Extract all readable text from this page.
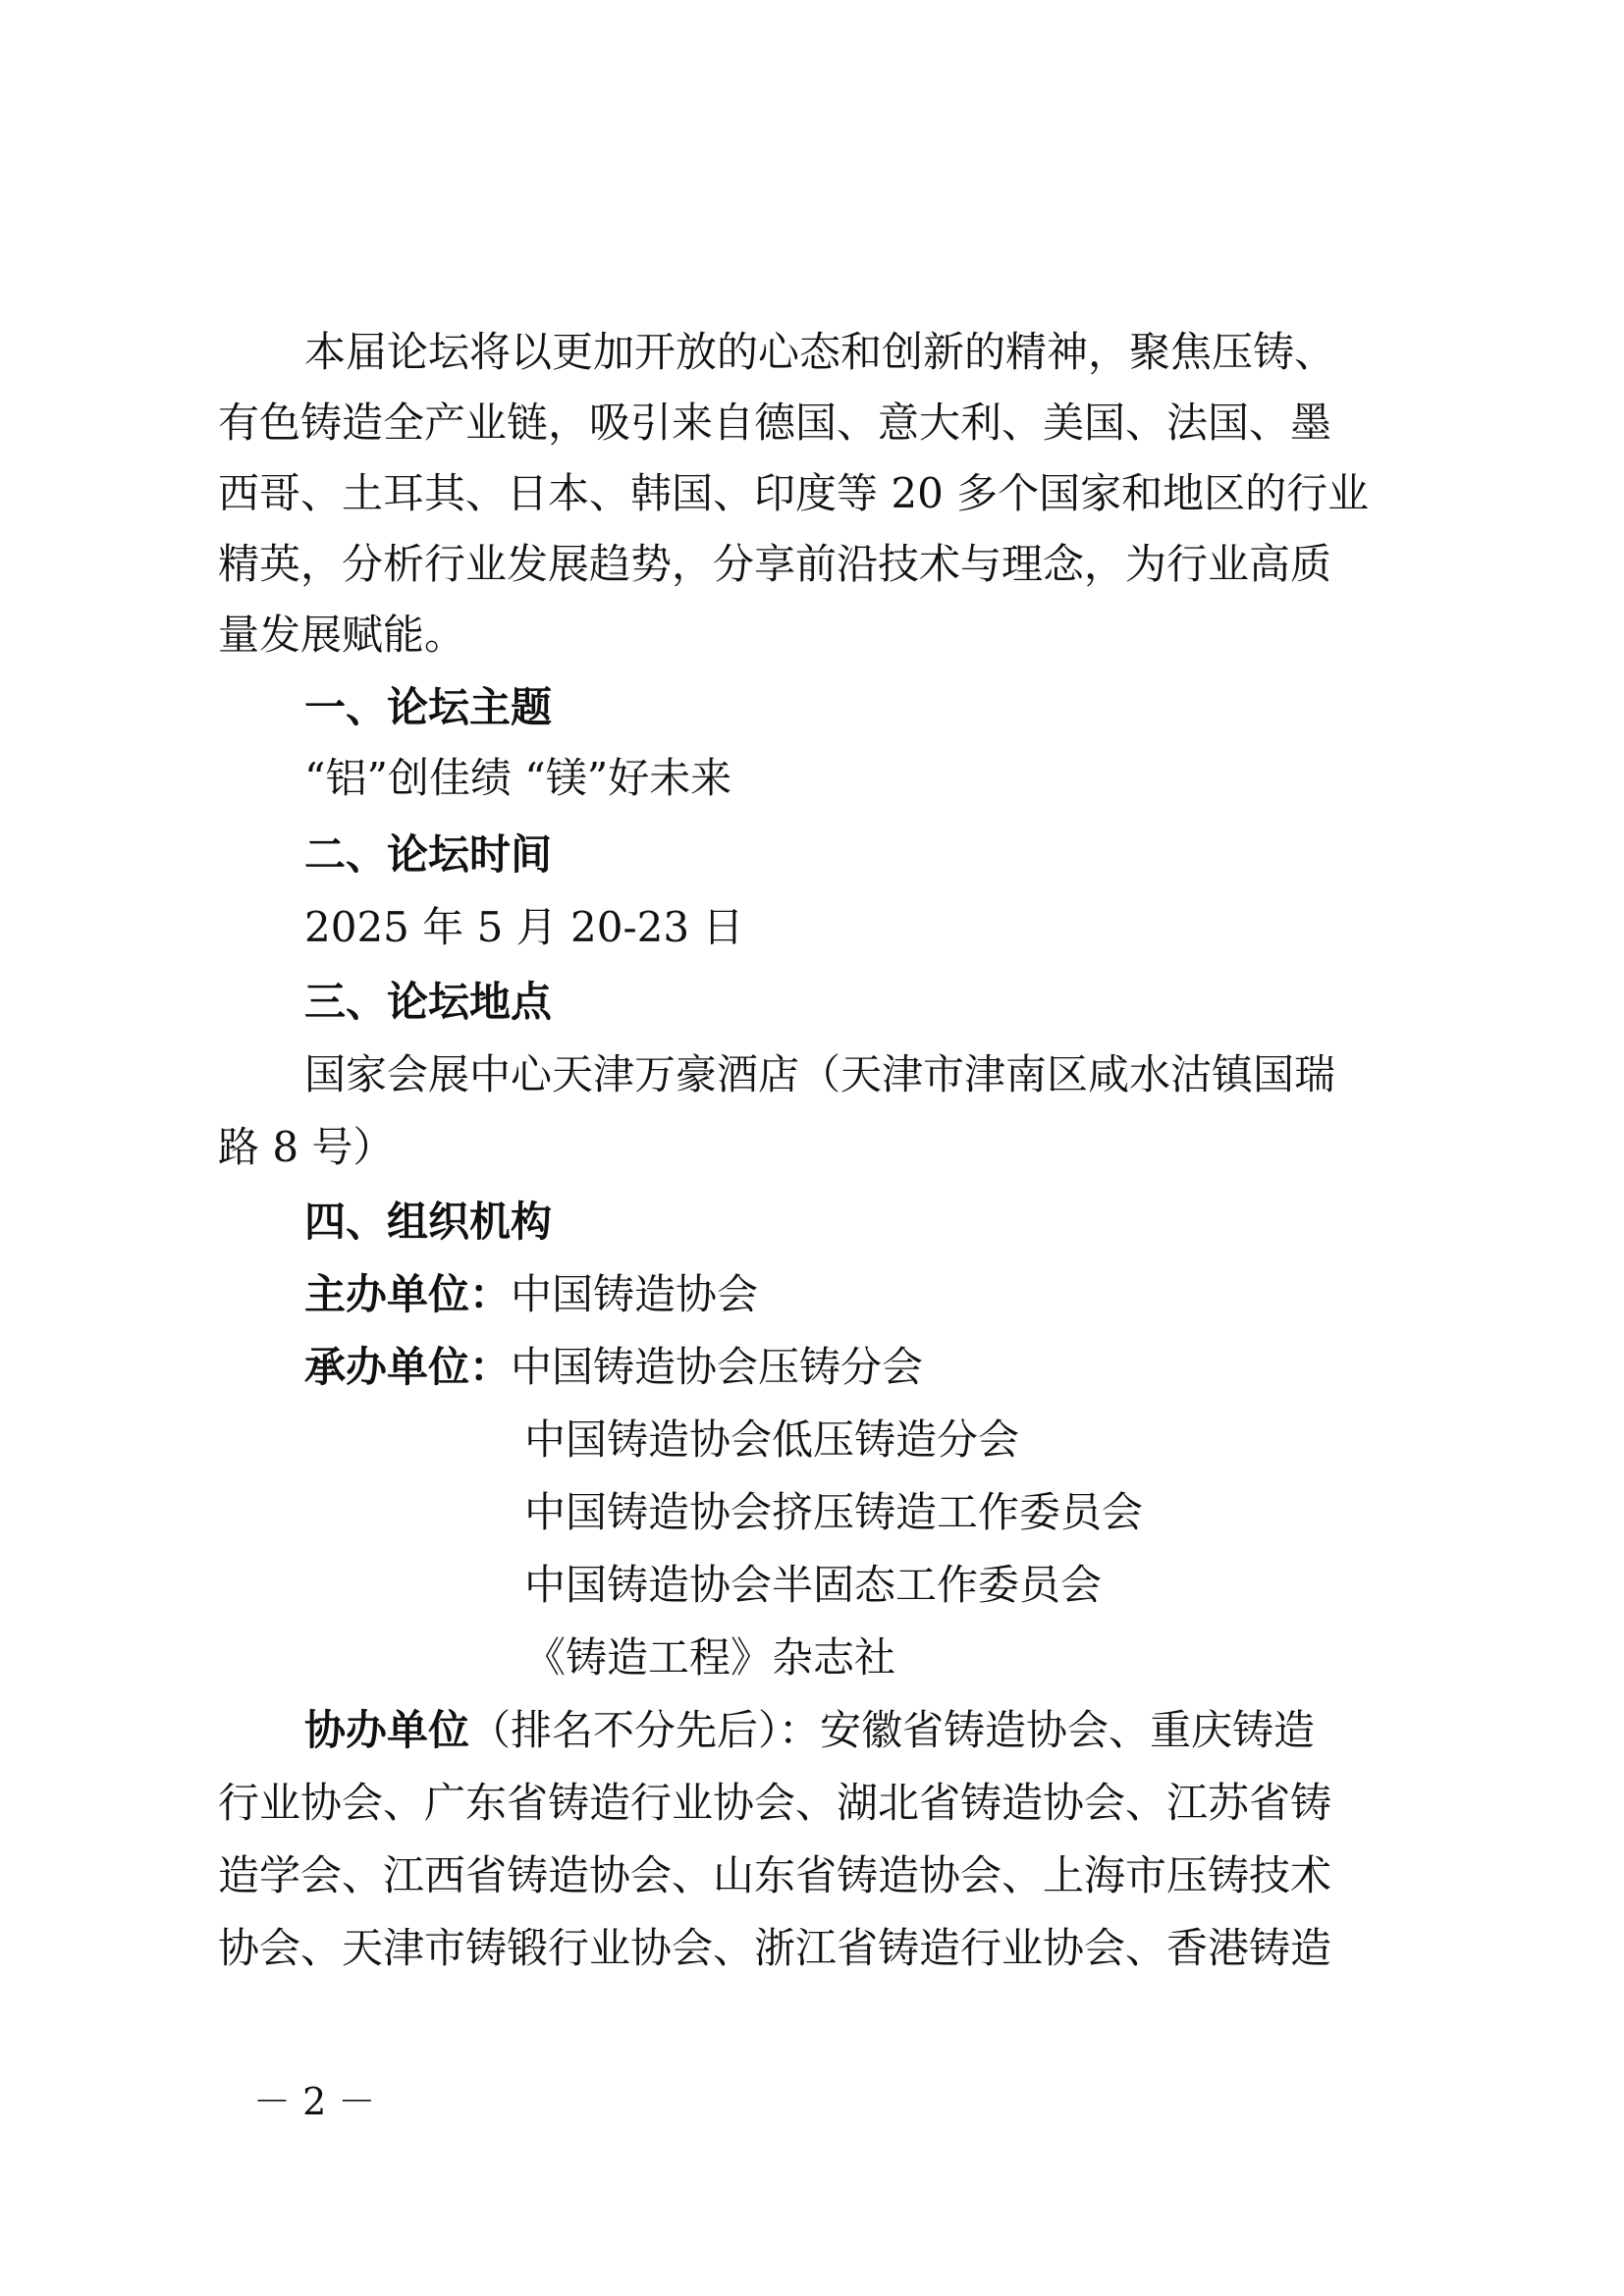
本届论坛将以更加开放的心态和创新的精神，聚焦压铸、
有色铸造全产业链，吸引来自德国、意大利、美国、法国、墨
西哥、土耳其、日本、韩国、印度等 20 多个国家和地区的行业
精英，分析行业发展趋势，分享前沿技术与理念，为行业高质
量发展赋能。
一、论坛主题
“铝”创佳绩 “镁”好未来
二、论坛时间
2025 年 5 月 20-23 日
三、论坛地点
国家会展中心天津万豪酒店（天津市津南区咸水沽镇国瑞
路 8 号）
四、组织机构
主办单位：中国铸造协会
承办单位：中国铸造协会压铸分会
中国铸造协会低压铸造分会
中国铸造协会挤压铸造工作委员会
中国铸造协会半固态工作委员会
《铸造工程》杂志社
协办单位（排名不分先后）：安徽省铸造协会、重庆铸造
行业协会、广东省铸造行业协会、湖北省铸造协会、江苏省铸
造学会、江西省铸造协会、山东省铸造协会、上海市压铸技术
协会、天津市铸锻行业协会、浙江省铸造行业协会、香港铸造
－ 2 －
